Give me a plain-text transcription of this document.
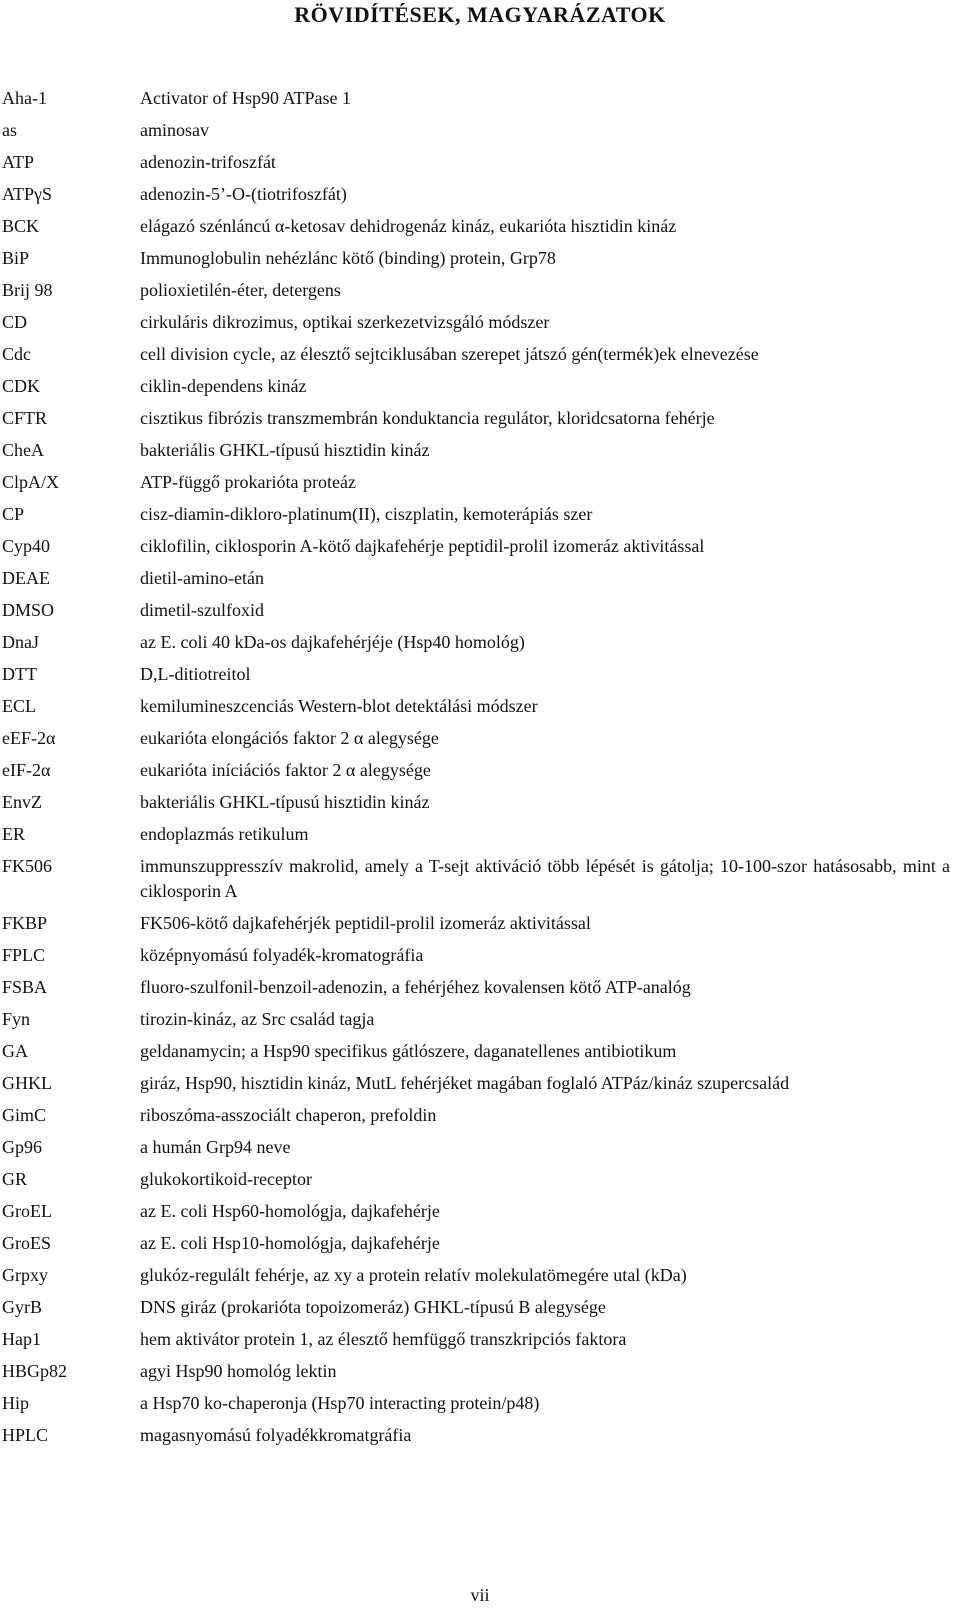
RÖVIDÍTÉSEK, MAGYARÁZATOK
Aha-1	Activator of Hsp90 ATPase 1
as	aminosav
ATP	adenozin-trifoszfát
ATPγS	adenozin-5’-O-(tiotrifoszfát)
BCK	elágazó szénláncú α-ketosav dehidrogenáz kináz, eukarióta hisztidin kináz
BiP	Immunoglobulin nehézlánc kötő (binding) protein, Grp78
Brij 98	polioxietilén-éter, detergens
CD	cirkuláris dikrozimus, optikai szerkezetvizsgáló módszer
Cdc	cell division cycle, az élesztő sejtciklusában szerepet játszó gén(termék)ek elnevezése
CDK	ciklin-dependens kináz
CFTR	cisztikus fibrózis transzmembrán konduktancia regulátor, kloridcsatorna fehérje
CheA	bakteriális GHKL-típusú hisztidin kináz
ClpA/X	ATP-függő prokarióta proteáz
CP	cisz-diamin-dikloro-platinum(II), ciszplatin, kemoterápiás szer
Cyp40	ciklofilin, ciklosporin A-kötő dajkafehérje peptidil-prolil izomeráz aktivitással
DEAE	dietil-amino-etán
DMSO	dimetil-szulfoxid
DnaJ	az E. coli 40 kDa-os dajkafehérjéje (Hsp40 homológ)
DTT	D,L-ditiotreitol
ECL	kemilumineszcenciás Western-blot detektálási módszer
eEF-2α	eukarióta elongációs faktor 2 α alegysége
eIF-2α	eukarióta iníciációs faktor 2 α alegysége
EnvZ	bakteriális GHKL-típusú hisztidin kináz
ER	endoplazmás retikulum
FK506	immunszuppresszív makrolid, amely a T-sejt aktiváció több lépését is gátolja; 10-100-szor hatásosabb, mint a ciklosporin A
FKBP	FK506-kötő dajkafehérjék peptidil-prolil izomeráz aktivitással
FPLC	középnyomású folyadék-kromatográfia
FSBA	fluoro-szulfonil-benzoil-adenozin, a fehérjéhez kovalensen kötő ATP-analóg
Fyn	tirozin-kináz, az Src család tagja
GA	geldanamycin; a Hsp90 specifikus gátlószere, daganatellenes antibiotikum
GHKL	giráz, Hsp90, hisztidin kináz, MutL fehérjéket magában foglaló ATPáz/kináz szupercsalád
GimC	riboszóma-asszociált chaperon, prefoldin
Gp96	a humán Grp94 neve
GR	glukokortikoid-receptor
GroEL	az E. coli Hsp60-homológja, dajkafehérje
GroES	az E. coli Hsp10-homológja, dajkafehérje
Grpxy	glukóz-regulált fehérje, az xy a protein relatív molekulatömegére utal (kDa)
GyrB	DNS giráz (prokarióta topoizomeráz) GHKL-típusú B alegysége
Hap1	hem aktivátor protein 1, az élesztő hemfüggő transzkripciós faktora
HBGp82	agyi Hsp90 homológ lektin
Hip	a Hsp70 ko-chaperonja (Hsp70 interacting protein/p48)
HPLC	magasnyomású folyadékkromatgráfia
vii
